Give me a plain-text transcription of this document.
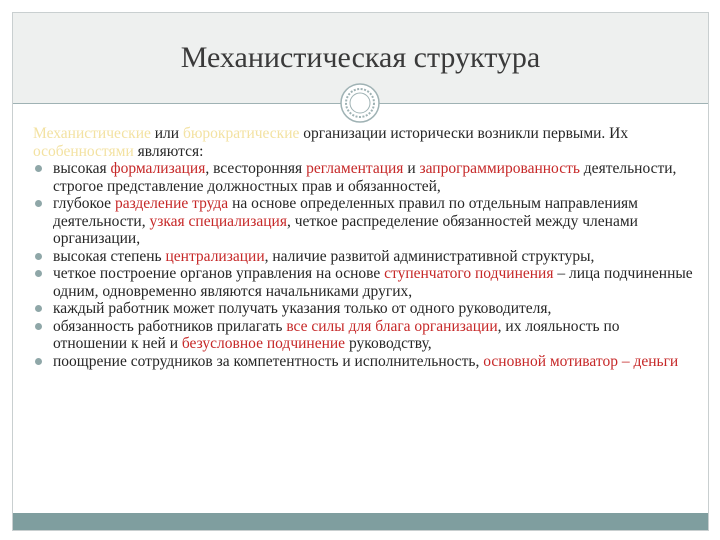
Механистическая структура

Механистические или бюрократические организации исторически возникли первыми. Их особенностями являются:

высокая формализация, всесторонняя регламентация и запрограммированность деятельности, строгое представление должностных прав и обязанностей,
глубокое разделение труда на основе определенных правил по отдельным направлениям деятельности, узкая специализация, четкое распределение обязанностей между членами организации,
высокая степень централизации, наличие развитой административной структуры,
четкое построение органов управления на основе ступенчатого подчинения – лица подчиненные одним, одновременно являются начальниками других,
каждый работник может получать указания только от одного руководителя,
обязанность работников прилагать все силы для блага организации, их лояльность по отношении к ней и безусловное подчинение руководству,
поощрение сотрудников за компетентность и исполнительность, основной мотиватор – деньги
